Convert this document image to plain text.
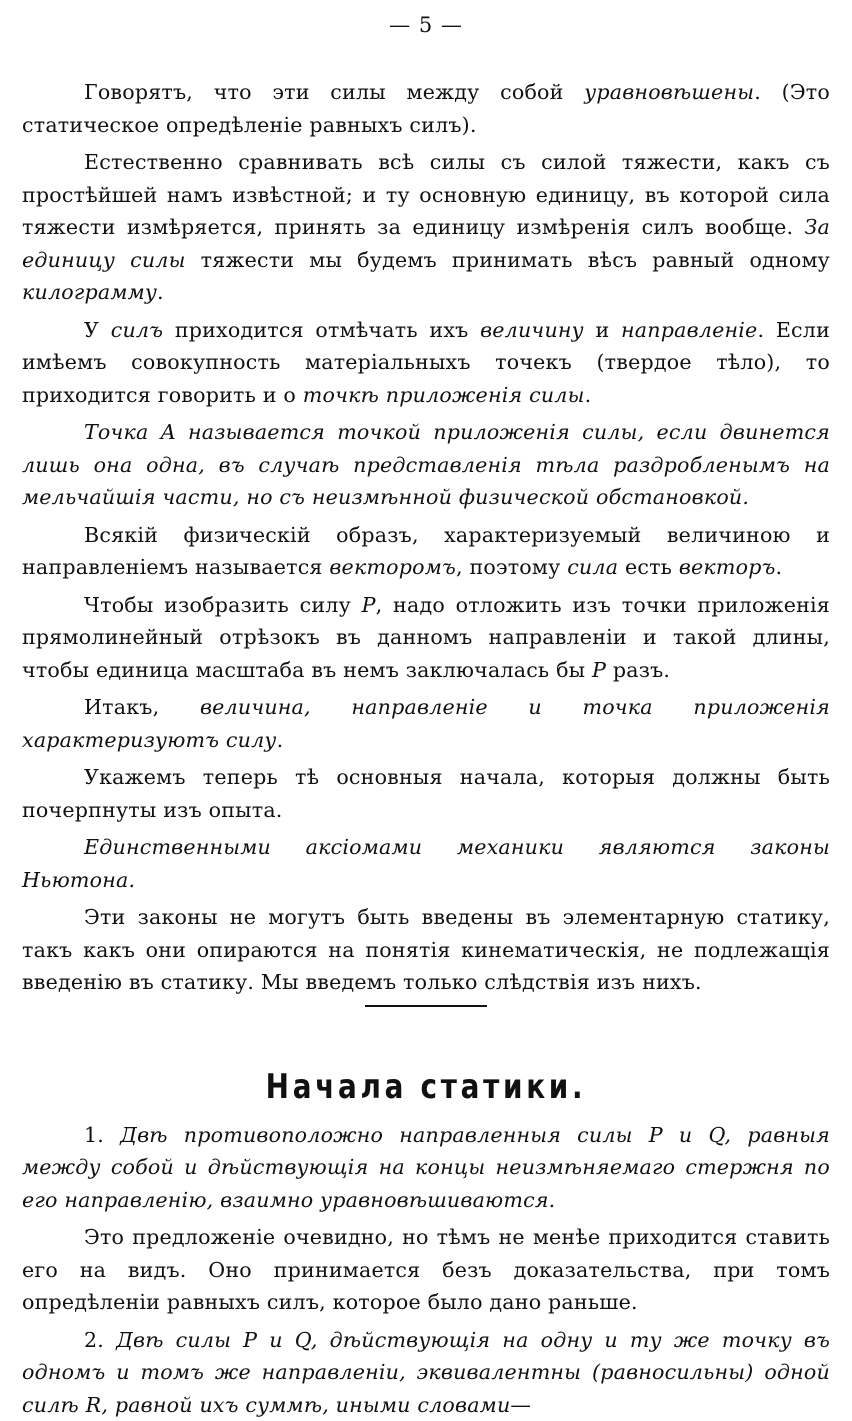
— 5 —

Говорятъ, что эти силы между собой уравновѣшены. (Это статическое опредѣленіе равныхъ силъ).

Естественно сравнивать всѣ силы съ силой тяжести, какъ съ простѣйшей намъ извѣстной; и ту основную единицу, въ которой сила тяжести измѣряется, принять за единицу измѣренія силъ вообще. За единицу силы тяжести мы будемъ принимать вѣсъ равный одному килограмму.

У силъ приходится отмѣчать ихъ величину и направленіе. Если имѣемъ совокупность матеріальныхъ точекъ (твердое тѣло), то приходится говорить и о точкѣ приложенія силы.

Точка A называется точкой приложенія силы, если двинется лишь она одна, въ случаѣ представленія тѣла раздробленымъ на мельчайшія части, но съ неизмѣнной физической обстановкой.

Всякій физическій образъ, характеризуемый величиною и направленіемъ называется векторомъ, поэтому сила есть векторъ.

Чтобы изобразить силу P, надо отложить изъ точки приложенія прямолинейный отрѣзокъ въ данномъ направленіи и такой длины, чтобы единица масштаба въ немъ заключалась бы P разъ.

Итакъ, величина, направленіе и точка приложенія характеризуютъ силу.

Укажемъ теперь тѣ основныя начала, которыя должны быть почерпнуты изъ опыта.

Единственными аксіомами механики являются законы Ньютона.

Эти законы не могутъ быть введены въ элементарную статику, такъ какъ они опираются на понятія кинематическія, не подлежащія введенію въ статику. Мы введемъ только слѣдствія изъ нихъ.

Начала статики.

1. Двѣ противоположно направленныя силы P и Q, равныя между собой и дѣйствующія на концы неизмѣняемаго стержня по его направленію, взаимно уравновѣшиваются.

Это предложеніе очевидно, но тѣмъ не менѣе приходится ставить его на видъ. Оно принимается безъ доказательства, при томъ опредѣленіи равныхъ силъ, которое было дано раньше.

2. Двѣ силы P и Q, дѣйствующія на одну и ту же точку въ одномъ и томъ же направленіи, эквивалентны (равносильны) одной силѣ R, равной ихъ суммѣ, иными словами—
